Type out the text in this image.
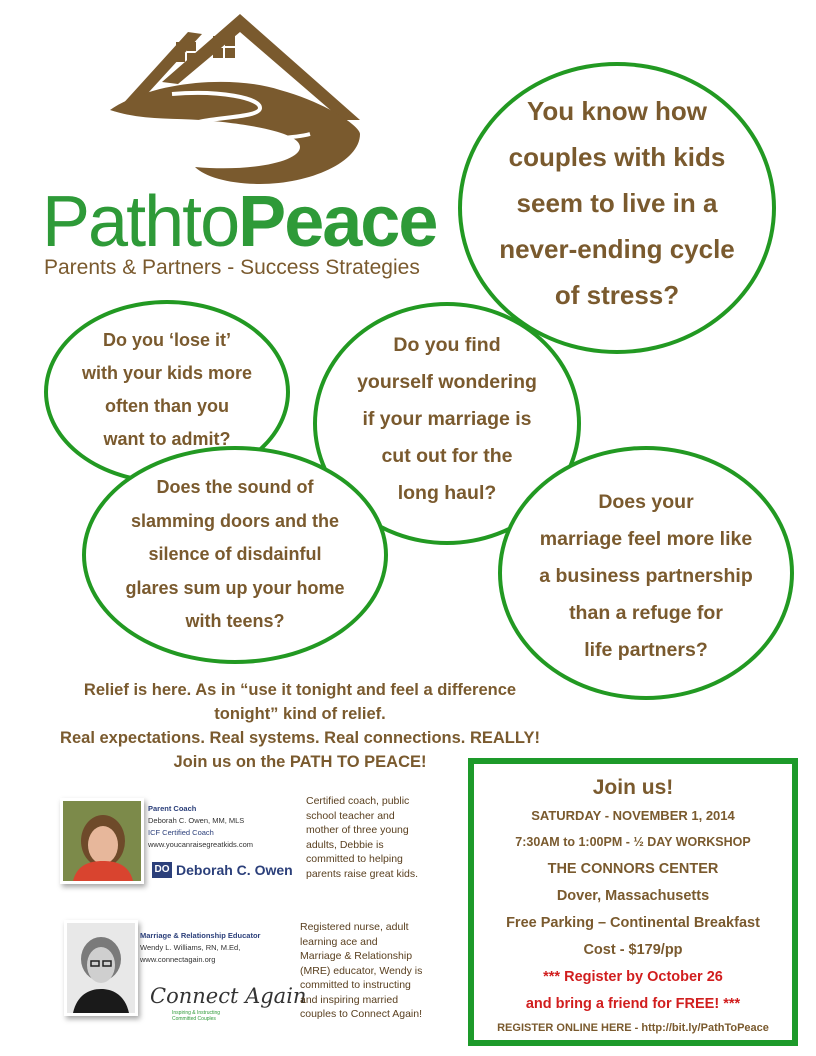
PathtoPeace
Parents & Partners - Success Strategies
You know how
couples with kids
seem to live in a
never-ending cycle
of stress?
Do you ‘lose it’
with your kids more
often than you
want to admit?
Do you find
yourself wondering
if your marriage is
cut out for the
long haul?
Does the sound of
slamming doors and the
silence of disdainful
glares sum up your home
with teens?
Does your
marriage feel more like
a business partnership
than a refuge for
life partners?
Relief is here. As in “use it tonight and feel a difference
tonight” kind of relief.
Real expectations. Real systems. Real connections. REALLY!
Join us on the PATH TO PEACE!
Parent Coach
Deborah C. Owen, MM, MLS
ICF Certified Coach
www.youcanraisegreatkids.com
DO Deborah C. Owen
Certified coach, public
school teacher and
mother of three young
adults, Debbie is
committed to helping
parents raise great kids.
Marriage & Relationship Educator
Wendy L. Williams, RN, M.Ed,
www.connectagain.org
Connect Again
Inspiring & Instructing
Committed Couples
Registered nurse, adult
learning ace and
Marriage & Relationship
(MRE) educator, Wendy is
committed to instructing
and inspiring married
couples to Connect Again!
Join us!
SATURDAY - NOVEMBER 1, 2014
7:30AM to 1:00PM - ½ DAY WORKSHOP
THE CONNORS CENTER
Dover, Massachusetts
Free Parking – Continental Breakfast
Cost - $179/pp
*** Register by October 26
and bring a friend for FREE! ***
REGISTER ONLINE HERE - http://bit.ly/PathToPeace
